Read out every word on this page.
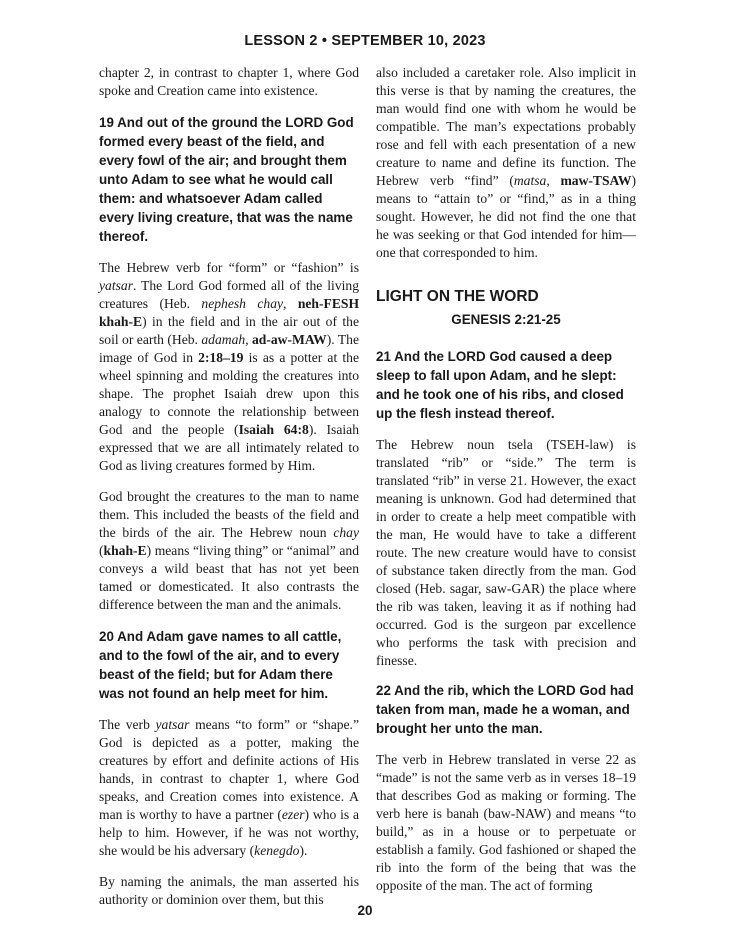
LESSON 2 • SEPTEMBER 10, 2023

chapter 2, in contrast to chapter 1, where God spoke and Creation came into existence.

19 And out of the ground the LORD God formed every beast of the field, and every fowl of the air; and brought them unto Adam to see what he would call them: and whatsoever Adam called every living creature, that was the name thereof.

The Hebrew verb for “form” or “fashion” is yatsar. The Lord God formed all of the living creatures (Heb. nephesh chay, neh-FESH khah-E) in the field and in the air out of the soil or earth (Heb. adamah, ad-aw-MAW). The image of God in 2:18–19 is as a potter at the wheel spinning and molding the creatures into shape. The prophet Isaiah drew upon this analogy to connote the relationship between God and the people (Isaiah 64:8). Isaiah expressed that we are all intimately related to God as living creatures formed by Him.

God brought the creatures to the man to name them. This included the beasts of the field and the birds of the air. The Hebrew noun chay (khah-E) means “living thing” or “animal” and conveys a wild beast that has not yet been tamed or domesticated. It also contrasts the difference between the man and the animals.

20 And Adam gave names to all cattle, and to the fowl of the air, and to every beast of the field; but for Adam there was not found an help meet for him.

The verb yatsar means “to form” or “shape.” God is depicted as a potter, making the creatures by effort and definite actions of His hands, in contrast to chapter 1, where God speaks, and Creation comes into existence. A man is worthy to have a partner (ezer) who is a help to him. However, if he was not worthy, she would be his adversary (kenegdo).

By naming the animals, the man asserted his authority or dominion over them, but this

also included a caretaker role. Also implicit in this verse is that by naming the creatures, the man would find one with whom he would be compatible. The man’s expectations probably rose and fell with each presentation of a new creature to name and define its function. The Hebrew verb “find” (matsa, maw-TSAW) means to “attain to” or “find,” as in a thing sought. However, he did not find the one that he was seeking or that God intended for him—one that corresponded to him.

LIGHT ON THE WORD

GENESIS 2:21-25

21 And the LORD God caused a deep sleep to fall upon Adam, and he slept: and he took one of his ribs, and closed up the flesh instead thereof.

The Hebrew noun tsela (TSEH-law) is translated “rib” or “side.” The term is translated “rib” in verse 21. However, the exact meaning is unknown. God had determined that in order to create a help meet compatible with the man, He would have to take a different route. The new creature would have to consist of substance taken directly from the man. God closed (Heb. sagar, saw-GAR) the place where the rib was taken, leaving it as if nothing had occurred. God is the surgeon par excellence who performs the task with precision and finesse.

22 And the rib, which the LORD God had taken from man, made he a woman, and brought her unto the man.

The verb in Hebrew translated in verse 22 as “made” is not the same verb as in verses 18–19 that describes God as making or forming. The verb here is banah (baw-NAW) and means “to build,” as in a house or to perpetuate or establish a family. God fashioned or shaped the rib into the form of the being that was the opposite of the man. The act of forming

20
